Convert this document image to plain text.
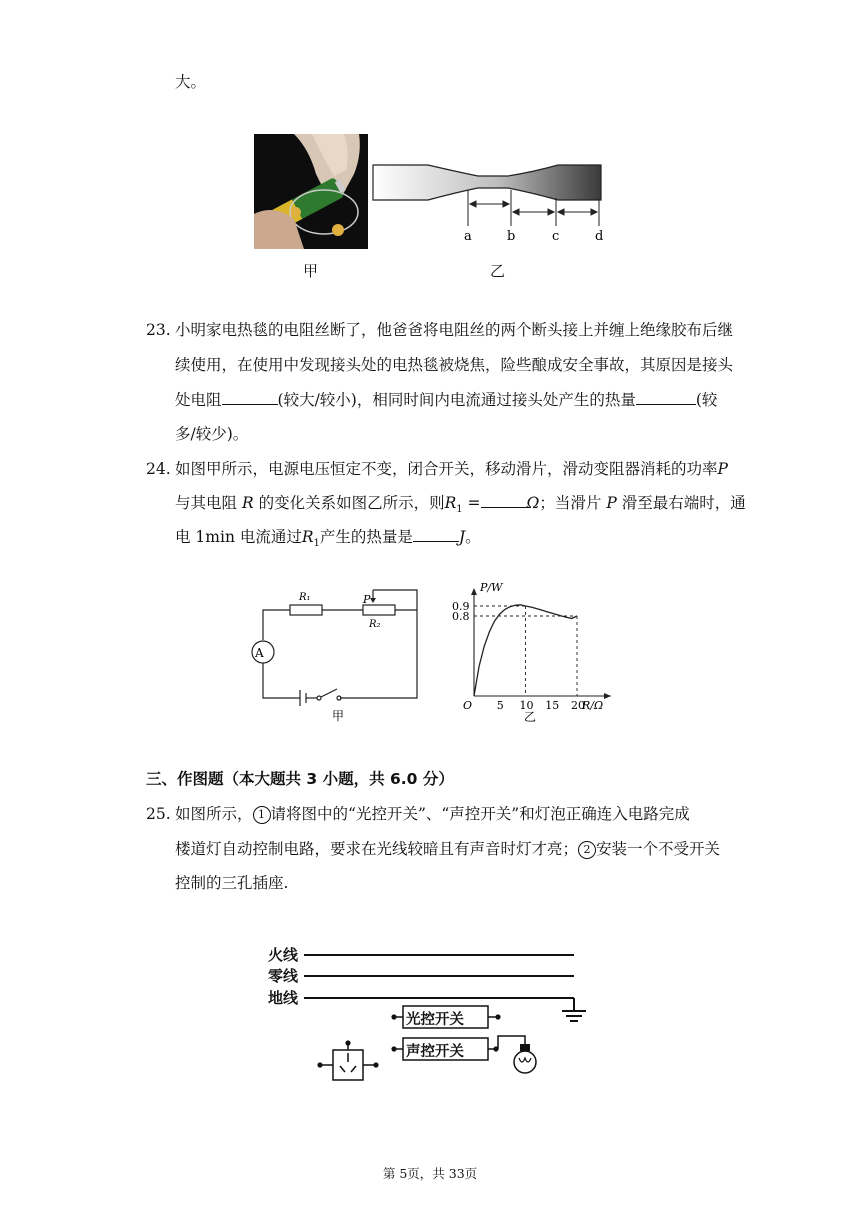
大。
a	b	c	d
甲	乙
23. 小明家电热毯的电阻丝断了，他爸爸将电阻丝的两个断头接上并缠上绝缘胶布后继
续使用，在使用中发现接头处的电热毯被烧焦，险些酿成安全事故，其原因是接头
处电阻	(较大/较小)，相同时间内电流通过接头处产生的热量	(较
多/较少)。
24. 如图甲所示，电源电压恒定不变，闭合开关，移动滑片，滑动变阻器消耗的功率P
与其电阻 R 的变化关系如图乙所示，则$R_1$ =	Ω；当滑片 P 滑至最右端时，通
电 1min 电流通过$R_1$产生的热量是	J。
A
R₁	P
R₂
甲
5 10 15 20
0.8
0.9
P/W
R/Ω
O
乙
三、作图题（本大题共 3 小题，共 6.0 分）
25. 如图所示， 1 请将图中的“光控开关”、“声控开关”和灯泡正确连入电路完成
楼道灯自动控制电路，要求在光线较暗且有声音时灯才亮； 2 安装一个不受开关
控制的三孔插座.
火线
零线
地线
光控开关
声控开关
第 5页，共 33页
